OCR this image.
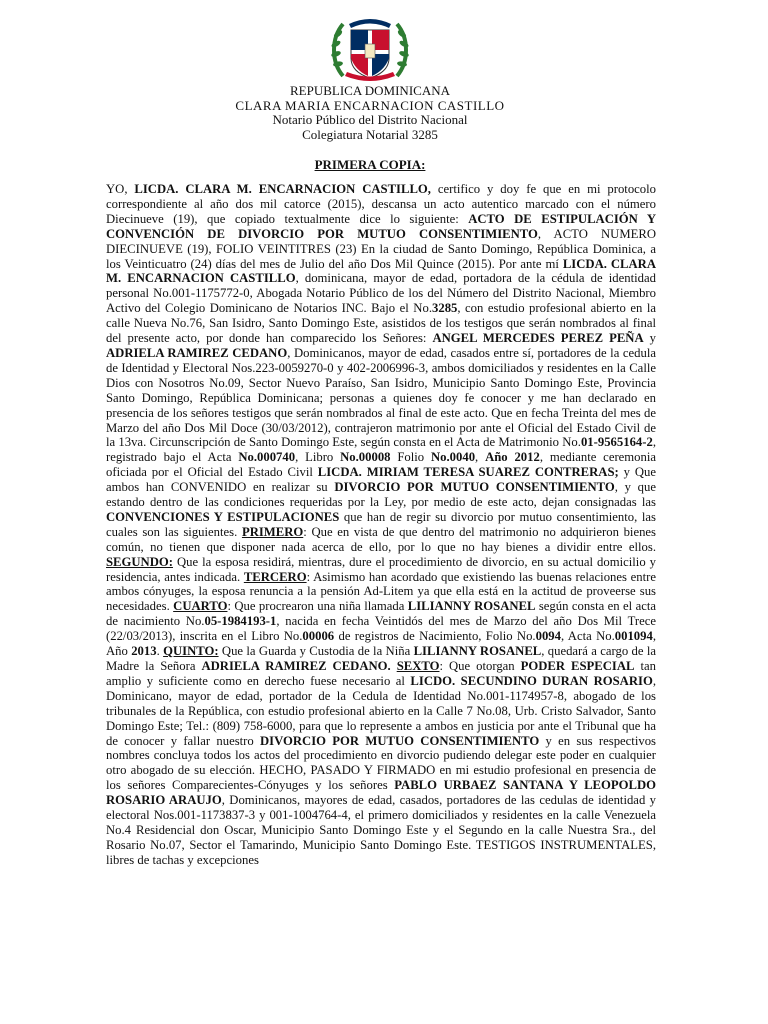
REPUBLICA DOMINICANA
CLARA MARIA ENCARNACION CASTILLO
Notario Público del Distrito Nacional
Colegiatura Notarial 3285
PRIMERA COPIA:
YO, LICDA. CLARA M. ENCARNACION CASTILLO, certifico y doy fe que en mi protocolo correspondiente al año dos mil catorce (2015), descansa un acto autentico marcado con el número Diecinueve (19), que copiado textualmente dice lo siguiente: ACTO DE ESTIPULACIÓN Y CONVENCIÓN DE DIVORCIO POR MUTUO CONSENTIMIENTO, ACTO NUMERO DIECINUEVE (19), FOLIO VEINTITRES (23) En la ciudad de Santo Domingo, República Dominica, a los Veinticuatro (24) días del mes de Julio del año Dos Mil Quince (2015). Por ante mí LICDA. CLARA M. ENCARNACION CASTILLO, dominicana, mayor de edad, portadora de la cédula de identidad personal No.001-1175772-0, Abogada Notario Público de los del Número del Distrito Nacional, Miembro Activo del Colegio Dominicano de Notarios INC. Bajo el No.3285, con estudio profesional abierto en la calle Nueva No.76, San Isidro, Santo Domingo Este, asistidos de los testigos que serán nombrados al final del presente acto, por donde han comparecido los Señores: ANGEL MERCEDES PEREZ PEÑA y ADRIELA RAMIREZ CEDANO, Dominicanos, mayor de edad, casados entre sí, portadores de la cedula de Identidad y Electoral Nos.223-0059270-0 y 402-2006996-3, ambos domiciliados y residentes en la Calle Dios con Nosotros No.09, Sector Nuevo Paraíso, San Isidro, Municipio Santo Domingo Este, Provincia Santo Domingo, República Dominicana; personas a quienes doy fe conocer y me han declarado en presencia de los señores testigos que serán nombrados al final de este acto. Que en fecha Treinta del mes de Marzo del año Dos Mil Doce (30/03/2012), contrajeron matrimonio por ante el Oficial del Estado Civil de la 13va. Circunscripción de Santo Domingo Este, según consta en el Acta de Matrimonio No.01-9565164-2, registrado bajo el Acta No.000740, Libro No.00008 Folio No.0040, Año 2012, mediante ceremonia oficiada por el Oficial del Estado Civil LICDA. MIRIAM TERESA SUAREZ CONTRERAS; y Que ambos han CONVENIDO en realizar su DIVORCIO POR MUTUO CONSENTIMIENTO, y que estando dentro de las condiciones requeridas por la Ley, por medio de este acto, dejan consignadas las CONVENCIONES Y ESTIPULACIONES que han de regir su divorcio por mutuo consentimiento, las cuales son las siguientes. PRIMERO: Que en vista de que dentro del matrimonio no adquirieron bienes común, no tienen que disponer nada acerca de ello, por lo que no hay bienes a dividir entre ellos. SEGUNDO: Que la esposa residirá, mientras, dure el procedimiento de divorcio, en su actual domicilio y residencia, antes indicada. TERCERO: Asimismo han acordado que existiendo las buenas relaciones entre ambos cónyuges, la esposa renuncia a la pensión Ad-Litem ya que ella está en la actitud de proveerse sus necesidades. CUARTO: Que procrearon una niña llamada LILIANNY ROSANEL según consta en el acta de nacimiento No.05-1984193-1, nacida en fecha Veintidós del mes de Marzo del año Dos Mil Trece (22/03/2013), inscrita en el Libro No.00006 de registros de Nacimiento, Folio No.0094, Acta No.001094, Año 2013. QUINTO: Que la Guarda y Custodia de la Niña LILIANNY ROSANEL, quedará a cargo de la Madre la Señora ADRIELA RAMIREZ CEDANO. SEXTO: Que otorgan PODER ESPECIAL tan amplio y suficiente como en derecho fuese necesario al LICDO. SECUNDINO DURAN ROSARIO, Dominicano, mayor de edad, portador de la Cedula de Identidad No.001-1174957-8, abogado de los tribunales de la República, con estudio profesional abierto en la Calle 7 No.08, Urb. Cristo Salvador, Santo Domingo Este; Tel.: (809) 758-6000, para que lo represente a ambos en justicia por ante el Tribunal que ha de conocer y fallar nuestro DIVORCIO POR MUTUO CONSENTIMIENTO y en sus respectivos nombres concluya todos los actos del procedimiento en divorcio pudiendo delegar este poder en cualquier otro abogado de su elección. HECHO, PASADO Y FIRMADO en mi estudio profesional en presencia de los señores Comparecientes-Cónyuges y los señores PABLO URBAEZ SANTANA Y LEOPOLDO ROSARIO ARAUJO, Dominicanos, mayores de edad, casados, portadores de las cedulas de identidad y electoral Nos.001-1173837-3 y 001-1004764-4, el primero domiciliados y residentes en la calle Venezuela No.4 Residencial don Oscar, Municipio Santo Domingo Este y el Segundo en la calle Nuestra Sra., del Rosario No.07, Sector el Tamarindo, Municipio Santo Domingo Este. TESTIGOS INSTRUMENTALES, libres de tachas y excepciones
